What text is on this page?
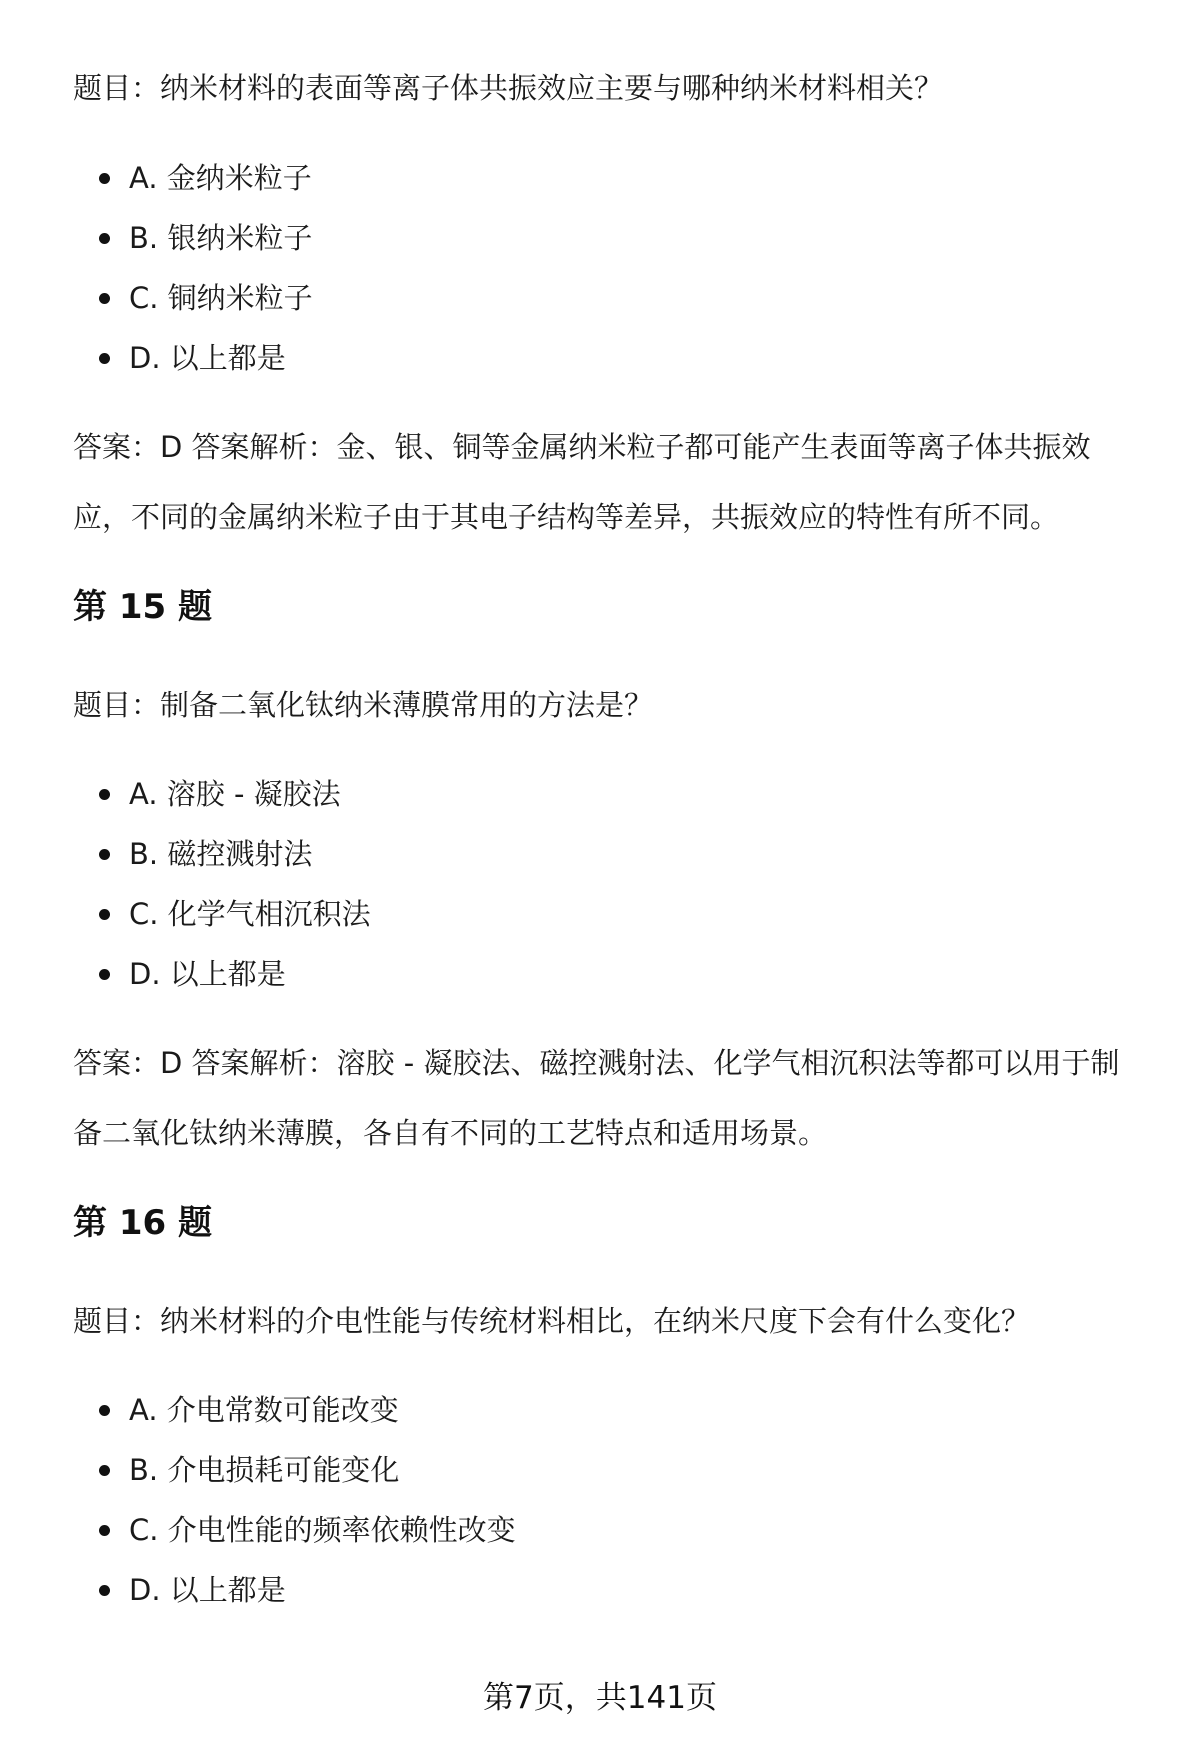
题目：纳米材料的表面等离子体共振效应主要与哪种纳米材料相关？
A. 金纳米粒子
B. 银纳米粒子
C. 铜纳米粒子
D. 以上都是
答案：D 答案解析：金、银、铜等金属纳米粒子都可能产生表面等离子体共振效
应，不同的金属纳米粒子由于其电子结构等差异，共振效应的特性有所不同。
第 15 题
题目：制备二氧化钛纳米薄膜常用的方法是？
A. 溶胶 - 凝胶法
B. 磁控溅射法
C. 化学气相沉积法
D. 以上都是
答案：D 答案解析：溶胶 - 凝胶法、磁控溅射法、化学气相沉积法等都可以用于制
备二氧化钛纳米薄膜，各自有不同的工艺特点和适用场景。
第 16 题
题目：纳米材料的介电性能与传统材料相比，在纳米尺度下会有什么变化？
A. 介电常数可能改变
B. 介电损耗可能变化
C. 介电性能的频率依赖性改变
D. 以上都是
第7页，共141页
